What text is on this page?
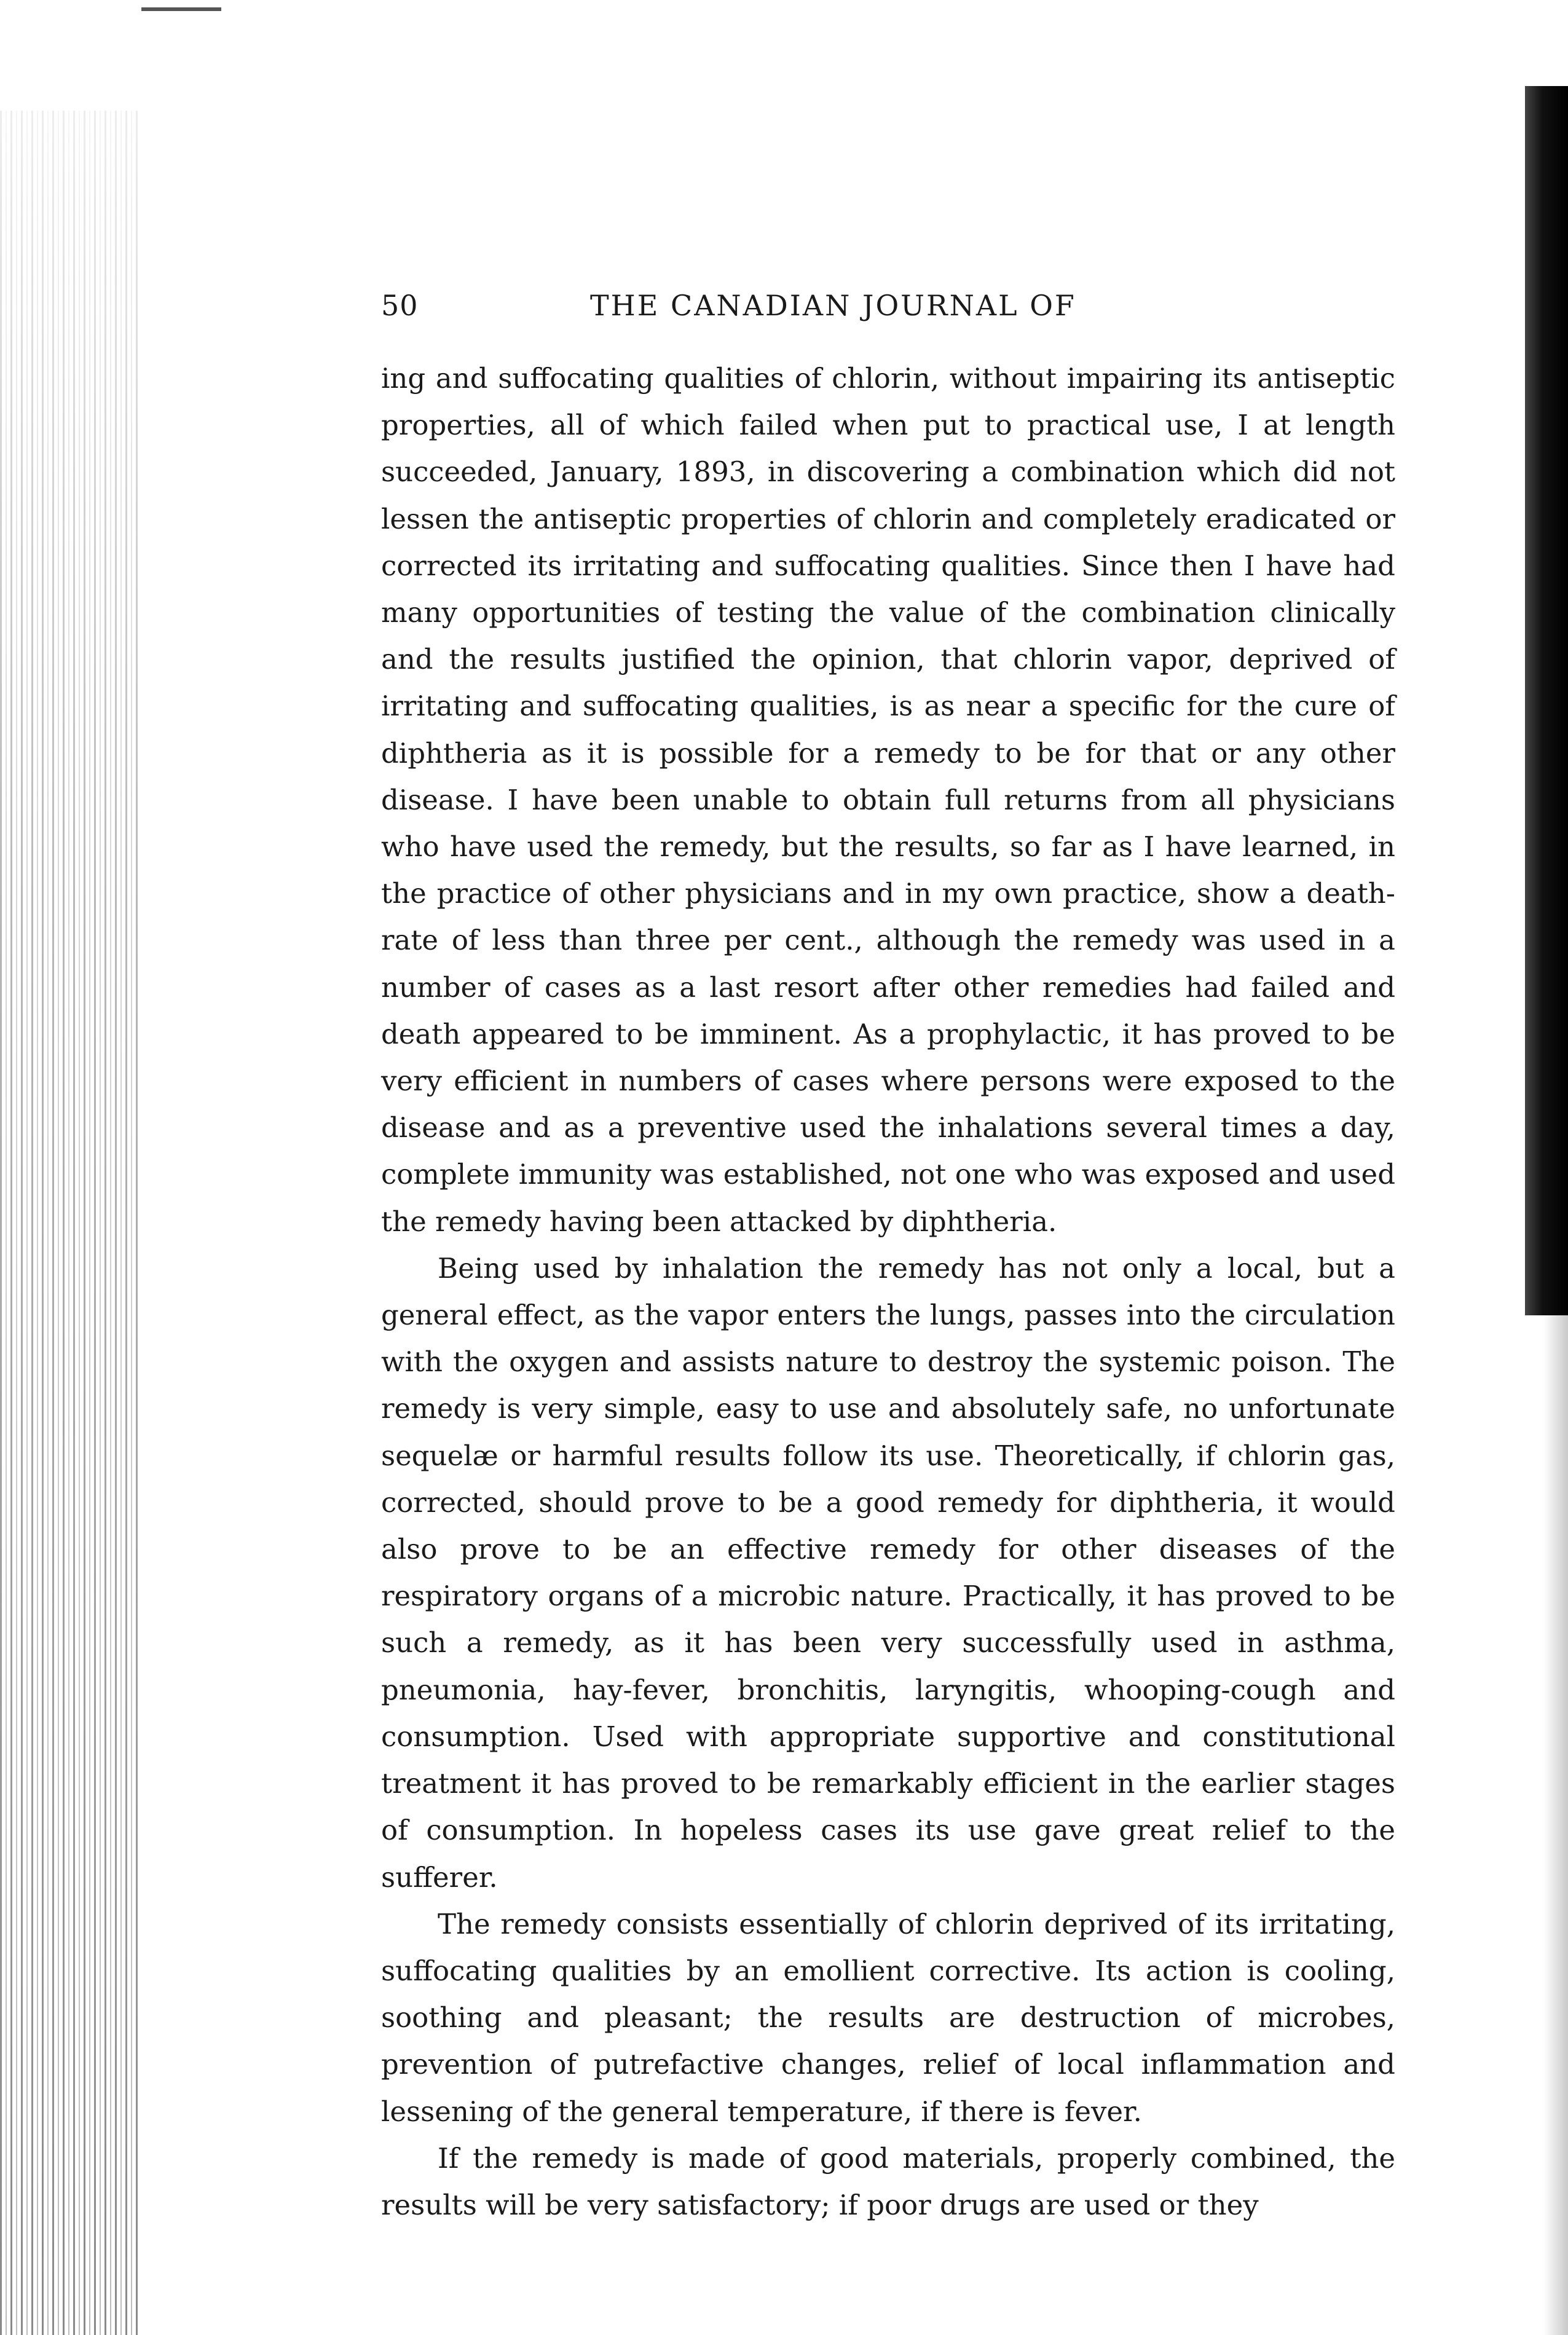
50	THE CANADIAN JOURNAL OF

ing and suffocating qualities of chlorin, without impairing its antiseptic properties, all of which failed when put to practical use, I at length succeeded, January, 1893, in discovering a combination which did not lessen the antiseptic properties of chlorin and completely eradicated or corrected its irritating and suffocating qualities. Since then I have had many opportunities of testing the value of the combination clinically and the results justified the opinion, that chlorin vapor, deprived of irritating and suffocating qualities, is as near a specific for the cure of diphtheria as it is possible for a remedy to be for that or any other disease. I have been unable to obtain full returns from all physicians who have used the remedy, but the results, so far as I have learned, in the practice of other physicians and in my own practice, show a death-rate of less than three per cent., although the remedy was used in a number of cases as a last resort after other remedies had failed and death appeared to be imminent. As a prophylactic, it has proved to be very efficient in numbers of cases where persons were exposed to the disease and as a preventive used the inhalations several times a day, complete immunity was established, not one who was exposed and used the remedy having been attacked by diphtheria.

Being used by inhalation the remedy has not only a local, but a general effect, as the vapor enters the lungs, passes into the circulation with the oxygen and assists nature to destroy the systemic poison. The remedy is very simple, easy to use and absolutely safe, no unfortunate sequelæ or harmful results follow its use. Theoretically, if chlorin gas, corrected, should prove to be a good remedy for diphtheria, it would also prove to be an effective remedy for other diseases of the respiratory organs of a microbic nature. Practically, it has proved to be such a remedy, as it has been very successfully used in asthma, pneumonia, hay-fever, bronchitis, laryngitis, whooping-cough and consumption. Used with appropriate supportive and constitutional treatment it has proved to be remarkably efficient in the earlier stages of consumption. In hopeless cases its use gave great relief to the sufferer.

The remedy consists essentially of chlorin deprived of its irritating, suffocating qualities by an emollient corrective. Its action is cooling, soothing and pleasant; the results are destruction of microbes, prevention of putrefactive changes, relief of local inflammation and lessening of the general temperature, if there is fever.

If the remedy is made of good materials, properly combined, the results will be very satisfactory; if poor drugs are used or they
